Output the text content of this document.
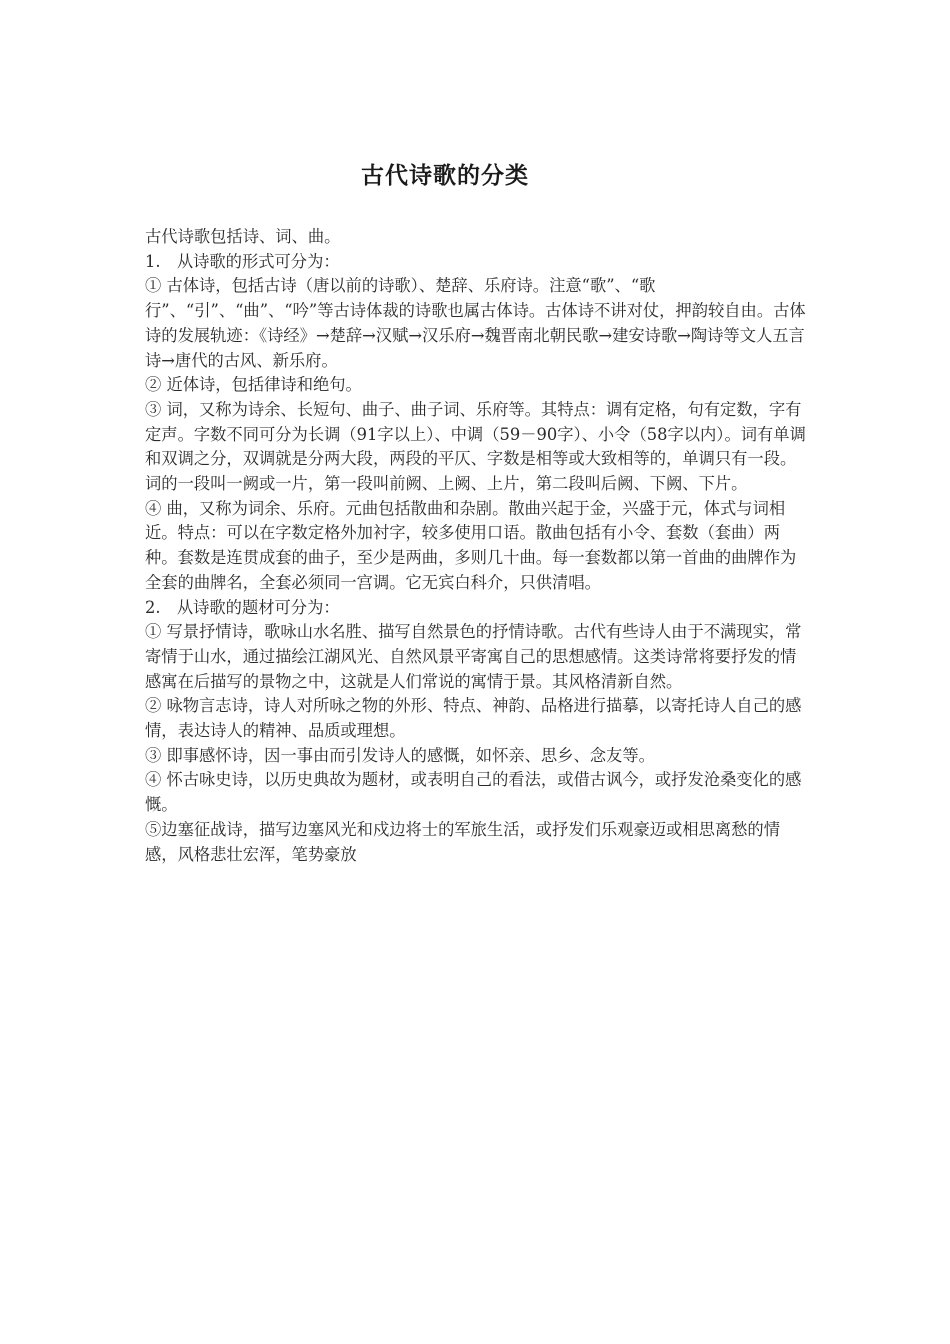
古代诗歌的分类

古代诗歌包括诗、词、曲。

1.　从诗歌的形式可分为：

① 古体诗，包括古诗（唐以前的诗歌）、楚辞、乐府诗。注意“歌”、“歌行”、“引”、“曲”、“吟”等古诗体裁的诗歌也属古体诗。古体诗不讲对仗，押韵较自由。古体诗的发展轨迹：《诗经》→楚辞→汉赋→汉乐府→魏晋南北朝民歌→建安诗歌→陶诗等文人五言诗→唐代的古风、新乐府。

② 近体诗，包括律诗和绝句。

③ 词，又称为诗余、长短句、曲子、曲子词、乐府等。其特点：调有定格，句有定数，字有定声。字数不同可分为长调（91字以上）、中调（59－90字）、小令（58字以内）。词有单调和双调之分，双调就是分两大段，两段的平仄、字数是相等或大致相等的，单调只有一段。词的一段叫一阙或一片，第一段叫前阙、上阙、上片，第二段叫后阙、下阙、下片。

④ 曲，又称为词余、乐府。元曲包括散曲和杂剧。散曲兴起于金，兴盛于元，体式与词相近。特点：可以在字数定格外加衬字，较多使用口语。散曲包括有小令、套数（套曲）两种。套数是连贯成套的曲子，至少是两曲，多则几十曲。每一套数都以第一首曲的曲牌作为全套的曲牌名，全套必须同一宫调。它无宾白科介，只供清唱。

2.　从诗歌的题材可分为：

① 写景抒情诗，歌咏山水名胜、描写自然景色的抒情诗歌。古代有些诗人由于不满现实，常寄情于山水，通过描绘江湖风光、自然风景平寄寓自己的思想感情。这类诗常将要抒发的情感寓在后描写的景物之中，这就是人们常说的寓情于景。其风格清新自然。

② 咏物言志诗，诗人对所咏之物的外形、特点、神韵、品格进行描摹，以寄托诗人自己的感情，表达诗人的精神、品质或理想。

③ 即事感怀诗，因一事由而引发诗人的感慨，如怀亲、思乡、念友等。

④ 怀古咏史诗，以历史典故为题材，或表明自己的看法，或借古讽今，或抒发沧桑变化的感慨。

⑤边塞征战诗，描写边塞风光和戍边将士的军旅生活，或抒发们乐观豪迈或相思离愁的情感，风格悲壮宏浑，笔势豪放
